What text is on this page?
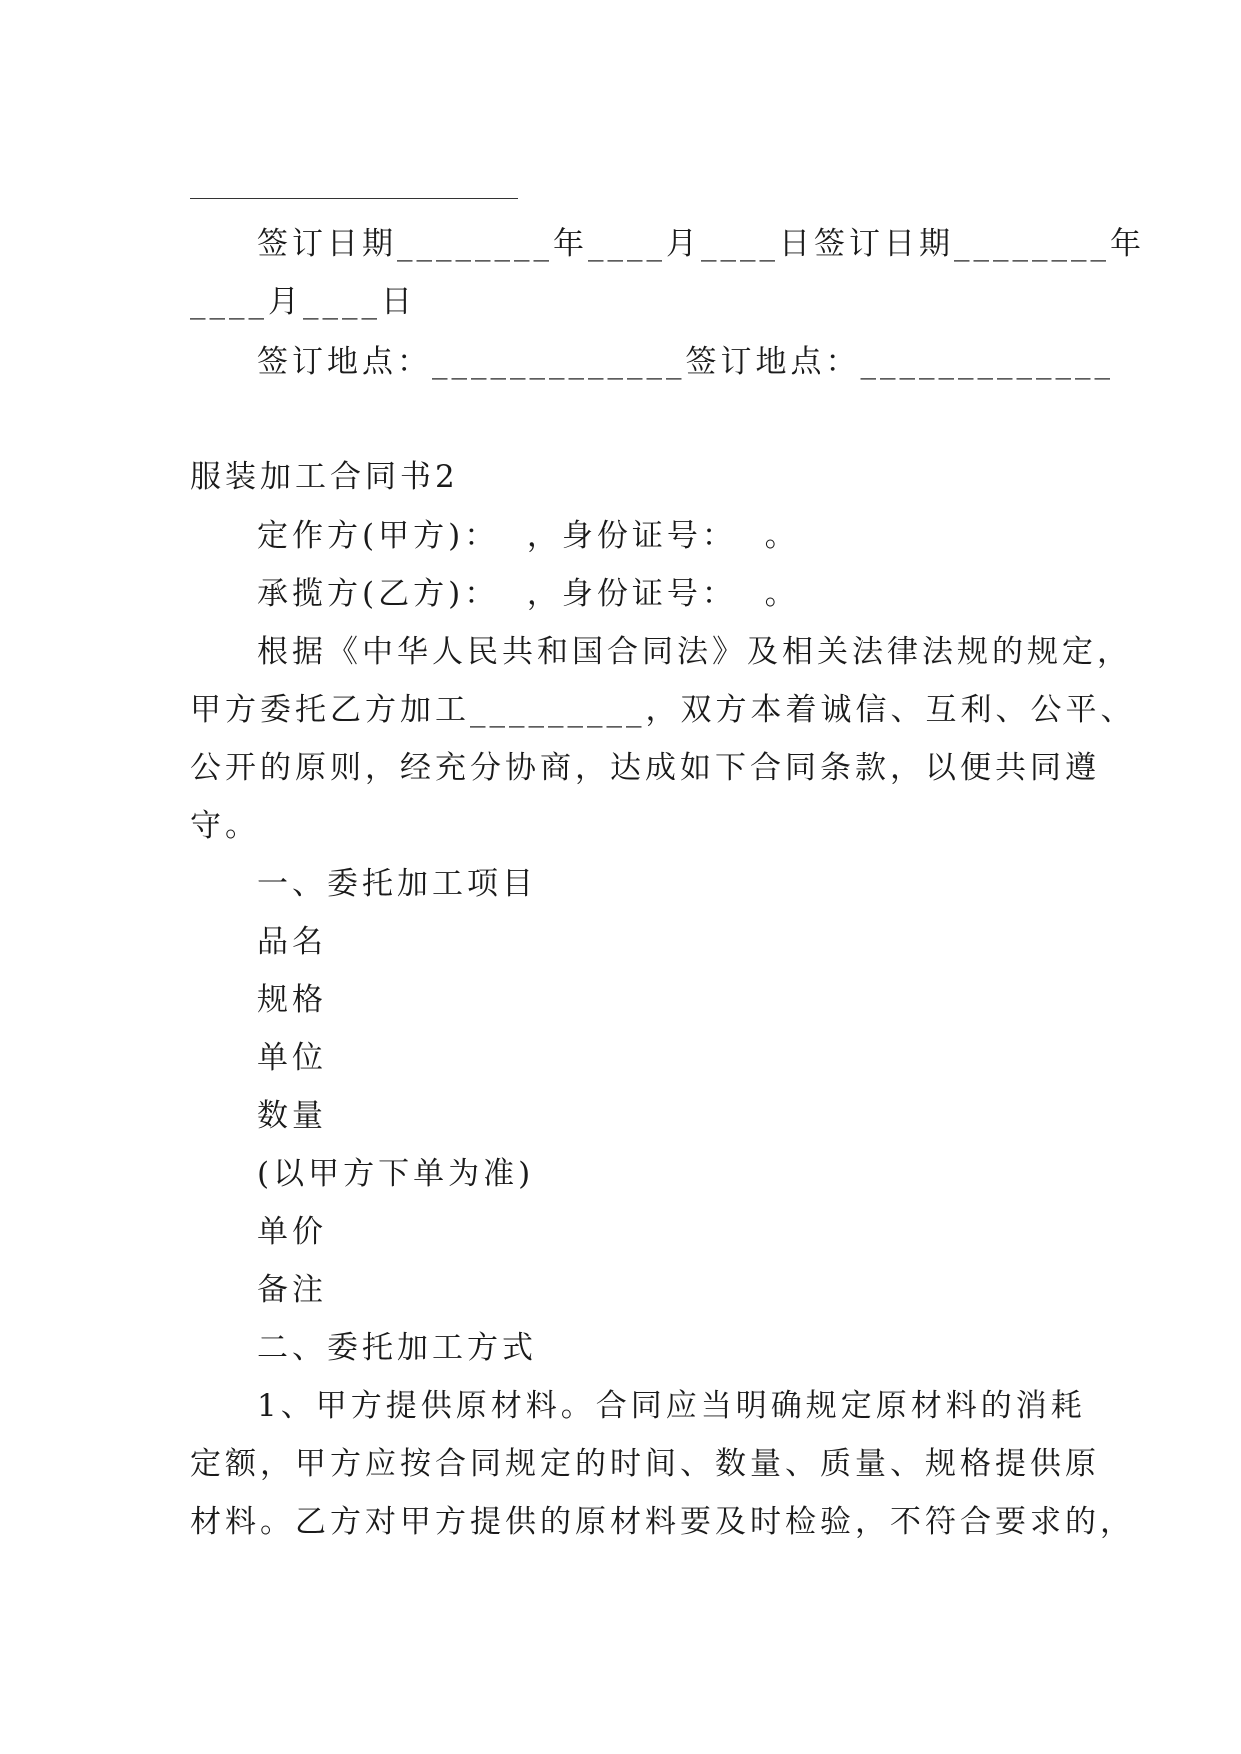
签订日期________年____月____日签订日期________年
____月____日
签订地点：_____________签订地点：_____________
服装加工合同书2
定作方(甲方)：  ，身份证号：  。
承揽方(乙方)：  ，身份证号：  。
根据《中华人民共和国合同法》及相关法律法规的规定，
甲方委托乙方加工_________，双方本着诚信、互利、公平、
公开的原则，经充分协商，达成如下合同条款，以便共同遵
守。
一、委托加工项目
品名
规格
单位
数量
(以甲方下单为准)
单价
备注
二、委托加工方式
1、甲方提供原材料。合同应当明确规定原材料的消耗
定额，甲方应按合同规定的时间、数量、质量、规格提供原
材料。乙方对甲方提供的原材料要及时检验，不符合要求的，
